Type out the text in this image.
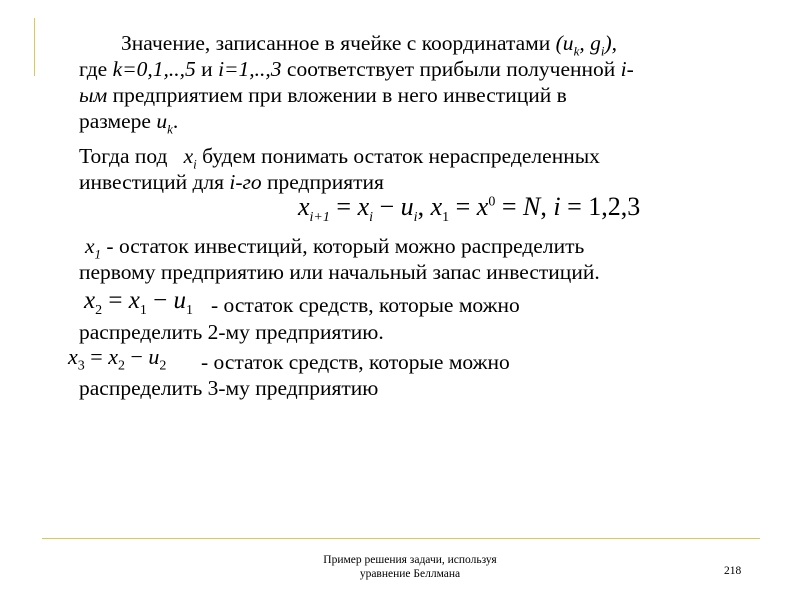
Значение, записанное в ячейке с координатами ($u_k$, $g_i$),
где k=0,1,..,5 и i=1,..,3 соответствует прибыли полученной i-
ым предприятием при вложении в него инвестиций в
размере $u_k$.
Тогда под   $x_i$ будем понимать остаток нераспределенных
инвестиций для i-го предприятия
$x_1$ - остаток инвестиций, который можно распределить
первому предприятию или начальный запас инвестиций.
- остаток средств, которые можно
распределить 2-му предприятию.
- остаток средств, которые можно
распределить 3-му предприятию
$x_{i+1} = x_i - u_i$, $x_1 = x^0 = N$, i = 1,2,3
$x_2 = x_1 - u_1$
$x_3 = x_2 - u_2$
Пример решения задачи, используя
уравнение Беллмана	218
